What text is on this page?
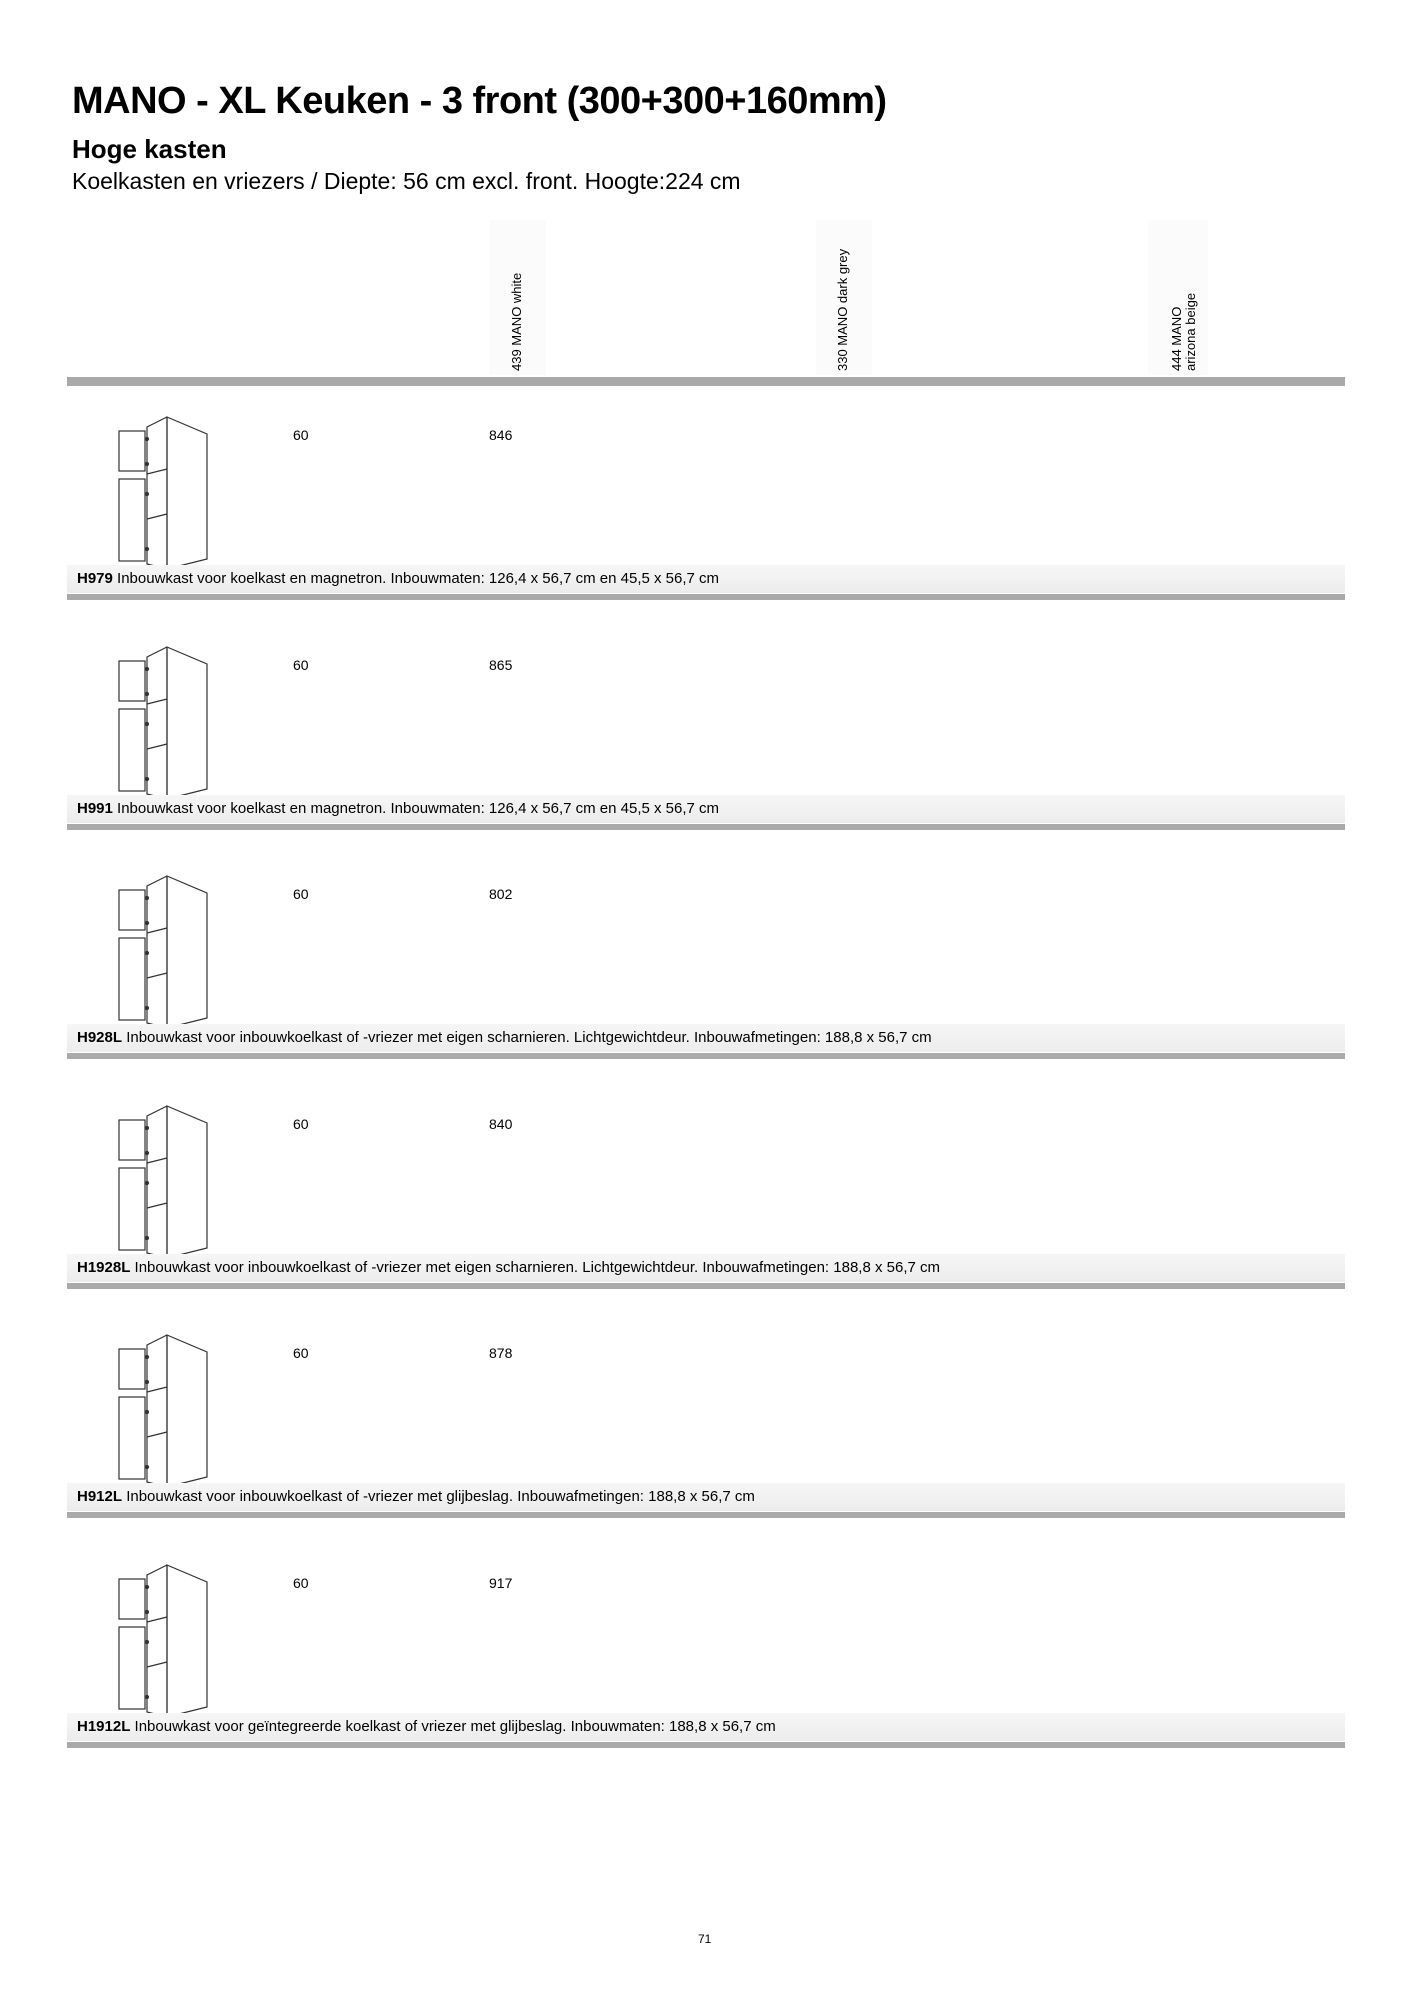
MANO - XL Keuken - 3 front (300+300+160mm)
Hoge kasten
Koelkasten en vriezers / Diepte: 56 cm excl. front. Hoogte:224 cm
439 MANO white	330 MANO dark grey	444 MANO arizona beige
60	846
H979 Inbouwkast voor koelkast en magnetron. Inbouwmaten: 126,4 x 56,7 cm en 45,5 x 56,7 cm
60	865
H991 Inbouwkast voor koelkast en magnetron. Inbouwmaten: 126,4 x 56,7 cm en 45,5 x 56,7 cm
60	802
H928L Inbouwkast voor inbouwkoelkast of -vriezer met eigen scharnieren. Lichtgewichtdeur. Inbouwafmetingen: 188,8 x 56,7 cm
60	840
H1928L Inbouwkast voor inbouwkoelkast of -vriezer met eigen scharnieren. Lichtgewichtdeur. Inbouwafmetingen: 188,8 x 56,7 cm
60	878
H912L Inbouwkast voor inbouwkoelkast of -vriezer met glijbeslag. Inbouwafmetingen: 188,8 x 56,7 cm
60	917
H1912L Inbouwkast voor geïntegreerde koelkast of vriezer met glijbeslag. Inbouwmaten: 188,8 x 56,7 cm
71
